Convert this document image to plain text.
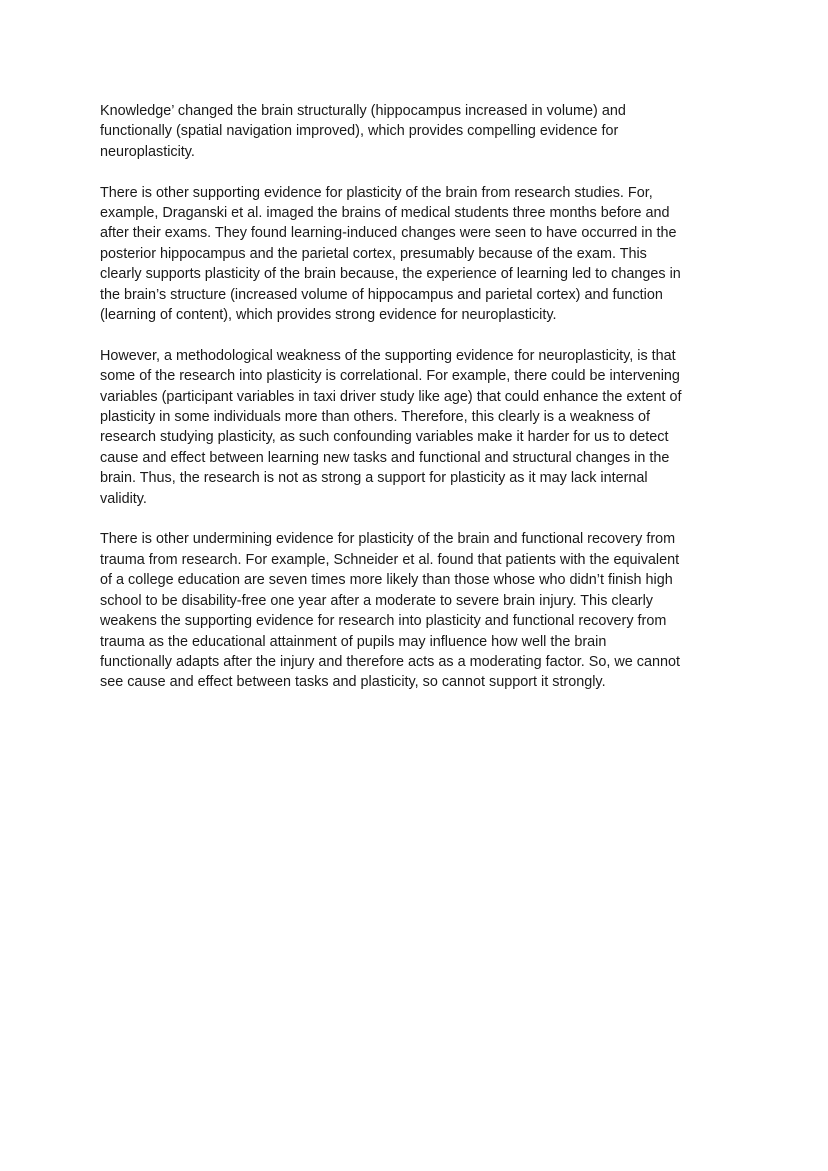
Knowledge’ changed the brain structurally (hippocampus increased in volume) and
functionally (spatial navigation improved), which provides compelling evidence for
neuroplasticity.

There is other supporting evidence for plasticity of the brain from research studies. For,
example, Draganski et al. imaged the brains of medical students three months before and
after their exams. They found learning-induced changes were seen to have occurred in the
posterior hippocampus and the parietal cortex, presumably because of the exam. This
clearly supports plasticity of the brain because, the experience of learning led to changes in
the brain’s structure (increased volume of hippocampus and parietal cortex) and function
(learning of content), which provides strong evidence for neuroplasticity.

However, a methodological weakness of the supporting evidence for neuroplasticity, is that
some of the research into plasticity is correlational. For example, there could be intervening
variables (participant variables in taxi driver study like age) that could enhance the extent of
plasticity in some individuals more than others. Therefore, this clearly is a weakness of
research studying plasticity, as such confounding variables make it harder for us to detect
cause and effect between learning new tasks and functional and structural changes in the
brain. Thus, the research is not as strong a support for plasticity as it may lack internal
validity.

There is other undermining evidence for plasticity of the brain and functional recovery from
trauma from research. For example, Schneider et al. found that patients with the equivalent
of a college education are seven times more likely than those whose who didn’t finish high
school to be disability-free one year after a moderate to severe brain injury. This clearly
weakens the supporting evidence for research into plasticity and functional recovery from
trauma as the educational attainment of pupils may influence how well the brain
functionally adapts after the injury and therefore acts as a moderating factor. So, we cannot
see cause and effect between tasks and plasticity, so cannot support it strongly.
